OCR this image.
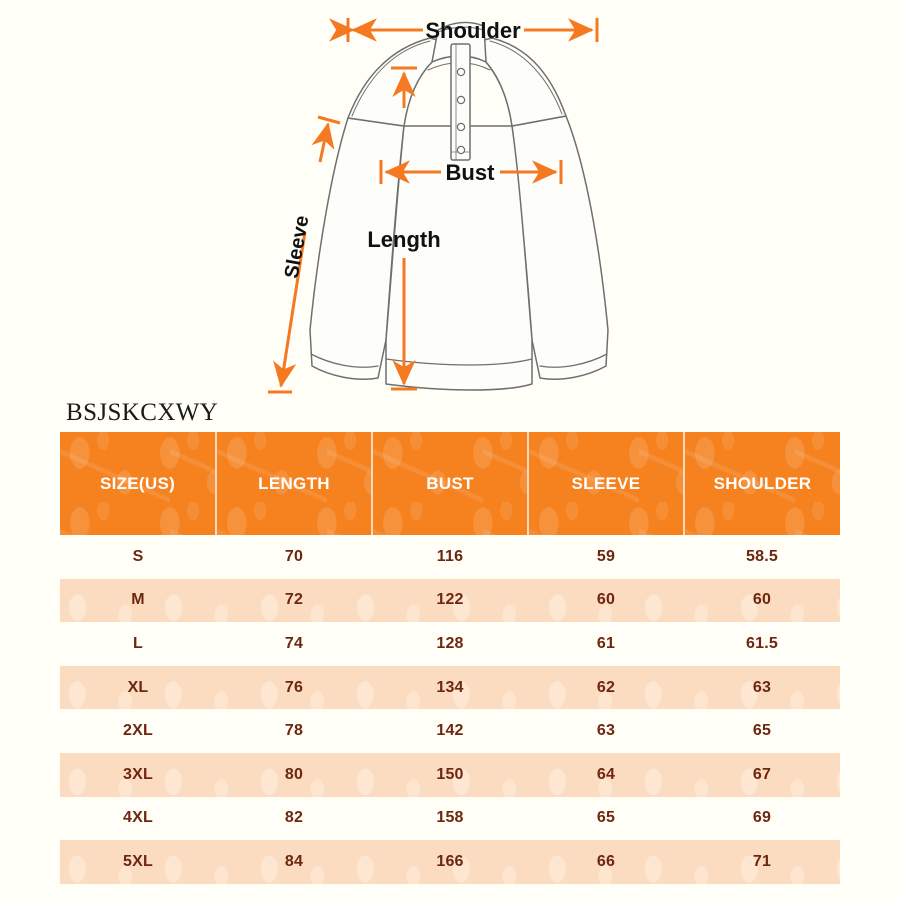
Shoulder
Bust
Length
Sleeve
BSJSKCXWY
SIZE(US)	LENGTH	BUST	SLEEVE	SHOULDER
S	70	116	59	58.5
M	72	122	60	60
L	74	128	61	61.5
XL	76	134	62	63
2XL	78	142	63	65
3XL	80	150	64	67
4XL	82	158	65	69
5XL	84	166	66	71
